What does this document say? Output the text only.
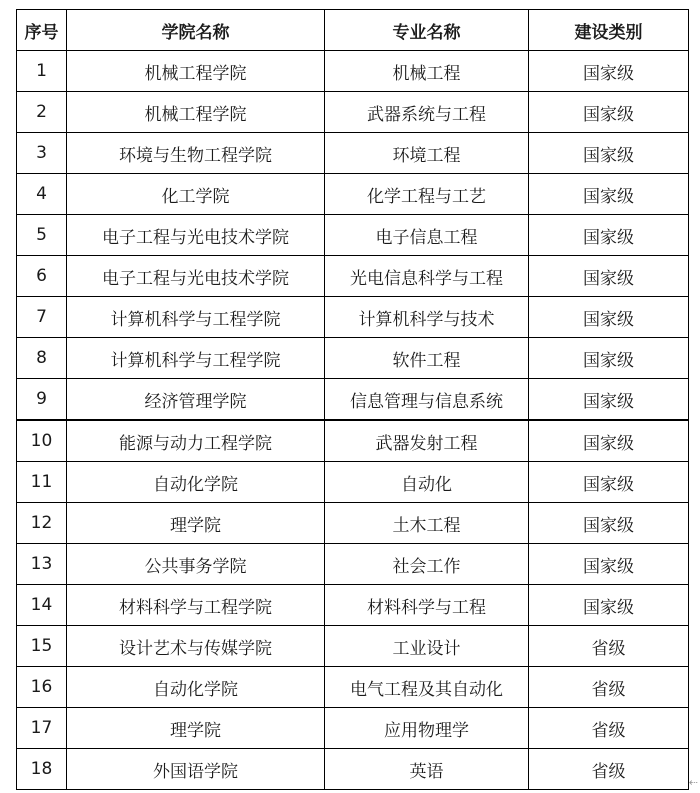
序号	学院名称	专业名称	建设类别
1	机械工程学院	机械工程	国家级
2	机械工程学院	武器系统与工程	国家级
3	环境与生物工程学院	环境工程	国家级
4	化工学院	化学工程与工艺	国家级
5	电子工程与光电技术学院	电子信息工程	国家级
6	电子工程与光电技术学院	光电信息科学与工程	国家级
7	计算机科学与工程学院	计算机科学与技术	国家级
8	计算机科学与工程学院	软件工程	国家级
9	经济管理学院	信息管理与信息系统	国家级
10	能源与动力工程学院	武器发射工程	国家级
11	自动化学院	自动化	国家级
12	理学院	土木工程	国家级
13	公共事务学院	社会工作	国家级
14	材料科学与工程学院	材料科学与工程	国家级
15	设计艺术与传媒学院	工业设计	省级
16	自动化学院	电气工程及其自动化	省级
17	理学院	应用物理学	省级
18	外国语学院	英语	省级
⇠
